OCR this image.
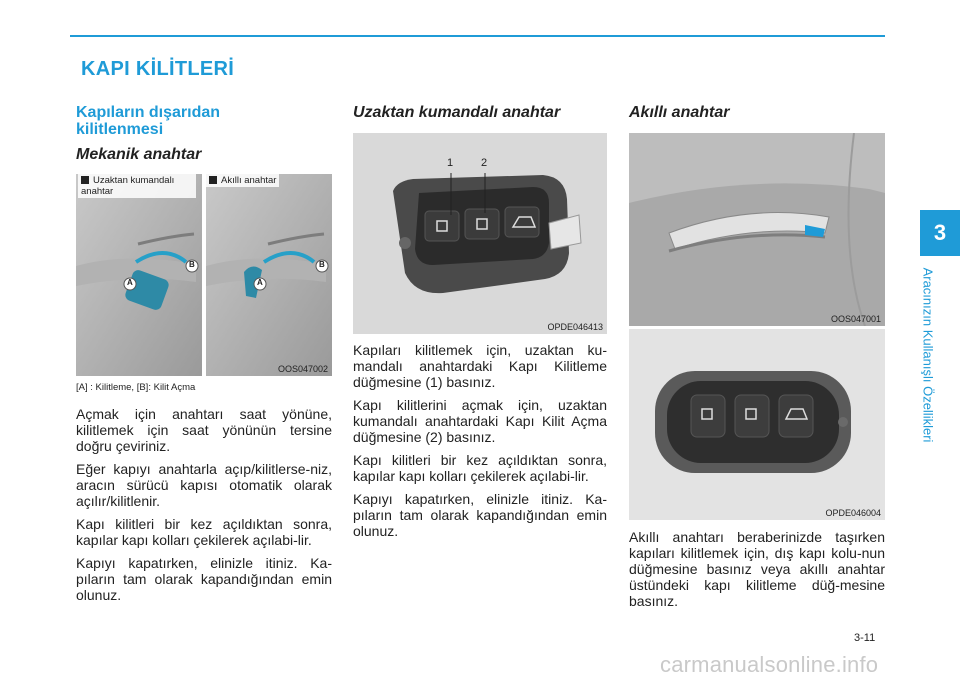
KAPI KİLİTLERİ
Kapıların dışarıdan kilitlenmesi
Mekanik anahtar
A
B
A
B
Uzaktan kumandalı anahtar
Akıllı anahtar
OOS047002
[A] : Kilitleme, [B]: Kilit Açma

Açmak için anahtarı saat yönüne, kilitlemek için saat yönünün tersine doğru çeviriniz.

Eğer kapıyı anahtarla açıp/kilitlerse-niz, aracın sürücü kapısı otomatik olarak açılır/kilitlenir.

Kapı kilitleri bir kez açıldıktan sonra, kapılar kapı kolları çekilerek açılabi-lir.

Kapıyı kapatırken, elinizle itiniz. Ka-pıların tam olarak kapandığından emin olunuz.

Uzaktan kumandalı anahtar
1	2
OPDE046413

Kapıları kilitlemek için, uzaktan ku-mandalı anahtardaki Kapı Kilitleme düğmesine (1) basınız.

Kapı kilitlerini açmak için, uzaktan kumandalı anahtardaki Kapı Kilit Açma düğmesine (2) basınız.

Kapı kilitleri bir kez açıldıktan sonra, kapılar kapı kolları çekilerek açılabi-lir.

Kapıyı kapatırken, elinizle itiniz. Ka-pıların tam olarak kapandığından emin olunuz.

Akıllı anahtar
OOS047001
OPDE046004

Akıllı anahtarı beraberinizde taşırken kapıları kilitlemek için, dış kapı kolu-nun düğmesine basınız veya akıllı anahtar üstündeki kapı kilitleme düğ-mesine basınız.

3
Aracınızın Kullanışlı Özellikleri
3-11
carmanualsonline.info
